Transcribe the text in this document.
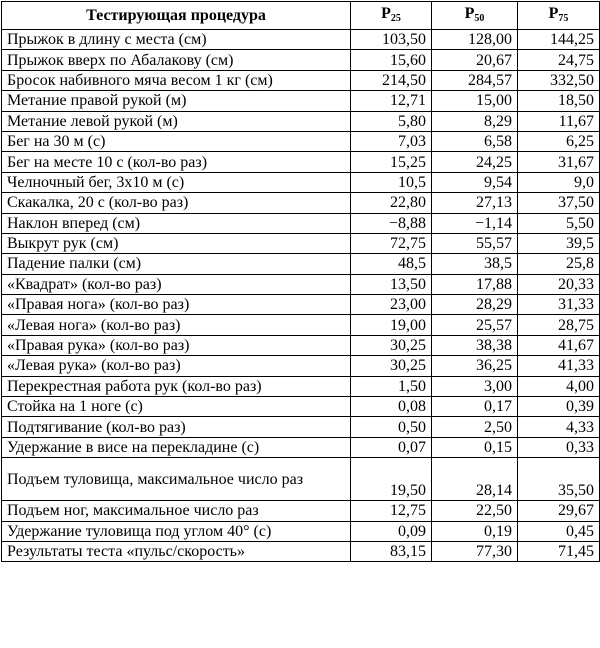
Тестирующая процедура	$P_{25}$	$P_{50}$	$P_{75}$
Прыжок в длину с места (см)	103,50	128,00	144,25
Прыжок вверх по Абалакову (см)	15,60	20,67	24,75
Бросок набивного мяча весом 1 кг (см)	214,50	284,57	332,50
Метание правой рукой (м)	12,71	15,00	18,50
Метание левой рукой (м)	5,80	8,29	11,67
Бег на 30 м (с)	7,03	6,58	6,25
Бег на месте 10 с (кол-во раз)	15,25	24,25	31,67
Челночный бег, 3x10 м (с)	10,5	9,54	9,0
Скакалка, 20 с (кол-во раз)	22,80	27,13	37,50
Наклон вперед (см)	−8,88	−1,14	5,50
Выкрут рук (см)	72,75	55,57	39,5
Падение палки (см)	48,5	38,5	25,8
«Квадрат» (кол-во раз)	13,50	17,88	20,33
«Правая нога» (кол-во раз)	23,00	28,29	31,33
«Левая нога» (кол-во раз)	19,00	25,57	28,75
«Правая рука» (кол-во раз)	30,25	38,38	41,67
«Левая рука» (кол-во раз)	30,25	36,25	41,33
Перекрестная работа рук (кол-во раз)	1,50	3,00	4,00
Стойка на 1 ноге (с)	0,08	0,17	0,39
Подтягивание (кол-во раз)	0,50	2,50	4,33
Удержание в висе на перекладине (с)	0,07	0,15	0,33
Подъем туловища, максимальное число раз	19,50	28,14	35,50
Подъем ног, максимальное число раз	12,75	22,50	29,67
Удержание туловища под углом 40° (с)	0,09	0,19	0,45
Результаты теста «пульс/скорость»	83,15	77,30	71,45
